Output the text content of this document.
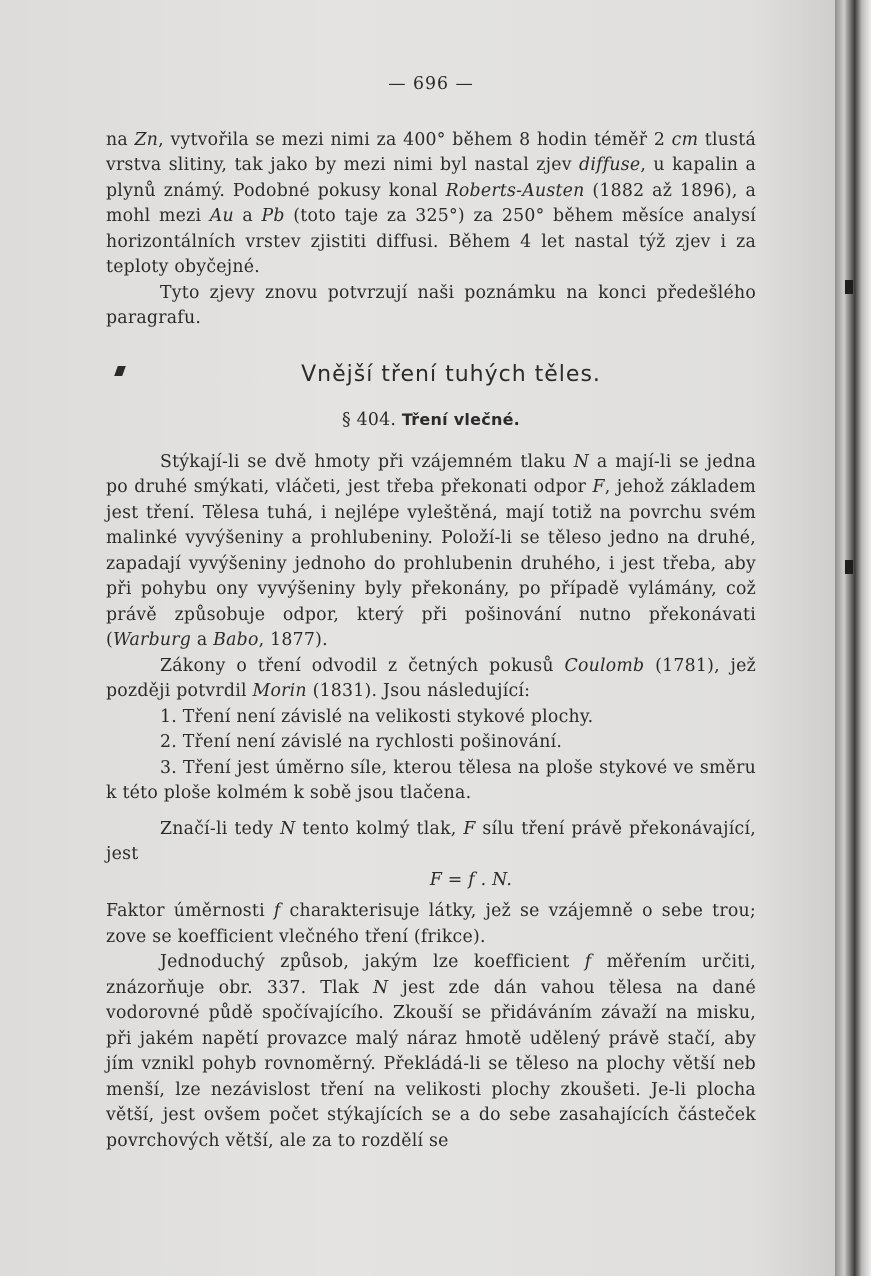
— 696 —

na Zn, vytvořila se mezi nimi za 400° během 8 hodin téměř 2 cm tlustá vrstva slitiny, tak jako by mezi nimi byl nastal zjev diffuse, u kapalin a plynů známý. Podobné pokusy konal Roberts-Austen (1882 až 1896), a mohl mezi Au a Pb (toto taje za 325°) za 250° během měsíce analysí horizontálních vrstev zjistiti diffusi. Během 4 let nastal týž zjev i za teploty obyčejné.

Tyto zjevy znovu potvrzují naši poznámku na konci předešlého paragrafu.

Vnější tření tuhých těles.
§ 404. Tření vlečné.

Stýkají-li se dvě hmoty při vzájemném tlaku N a mají-li se jedna po druhé smýkati, vláčeti, jest třeba překonati odpor F, jehož základem jest tření. Tělesa tuhá, i nejlépe vyleštěná, mají totiž na povrchu svém malinké vyvýšeniny a prohlubeniny. Položí-li se těleso jedno na druhé, zapadají vyvýšeniny jednoho do prohlubenin druhého, i jest třeba, aby při pohybu ony vyvýšeniny byly překonány, po případě vylámány, což právě způsobuje odpor, který při pošinování nutno překonávati (Warburg a Babo, 1877).

Zákony o tření odvodil z četných pokusů Coulomb (1781), jež později potvrdil Morin (1831). Jsou následující:

1. Tření není závislé na velikosti stykové plochy.

2. Tření není závislé na rychlosti pošinování.

3. Tření jest úměrno síle, kterou tělesa na ploše stykové ve směru k této ploše kolmém k sobě jsou tlačena.

Značí-li tedy N tento kolmý tlak, F sílu tření právě překonávající, jest

F = f . N.

Faktor úměrnosti f charakterisuje látky, jež se vzájemně o sebe trou; zove se koefficient vlečného tření (frikce).

Jednoduchý způsob, jakým lze koefficient f měřením určiti, znázorňuje obr. 337. Tlak N jest zde dán vahou tělesa na dané vodorovné půdě spočívajícího. Zkouší se přidáváním závaží na misku, při jakém napětí provazce malý náraz hmotě udělený právě stačí, aby jím vznikl pohyb rovnoměrný. Překládá-li se těleso na plochy větší neb menší, lze nezávislost tření na velikosti plochy zkoušeti. Je-li plocha větší, jest ovšem počet stýkajících se a do sebe zasahajících částeček povrchových větší, ale za to rozdělí se
